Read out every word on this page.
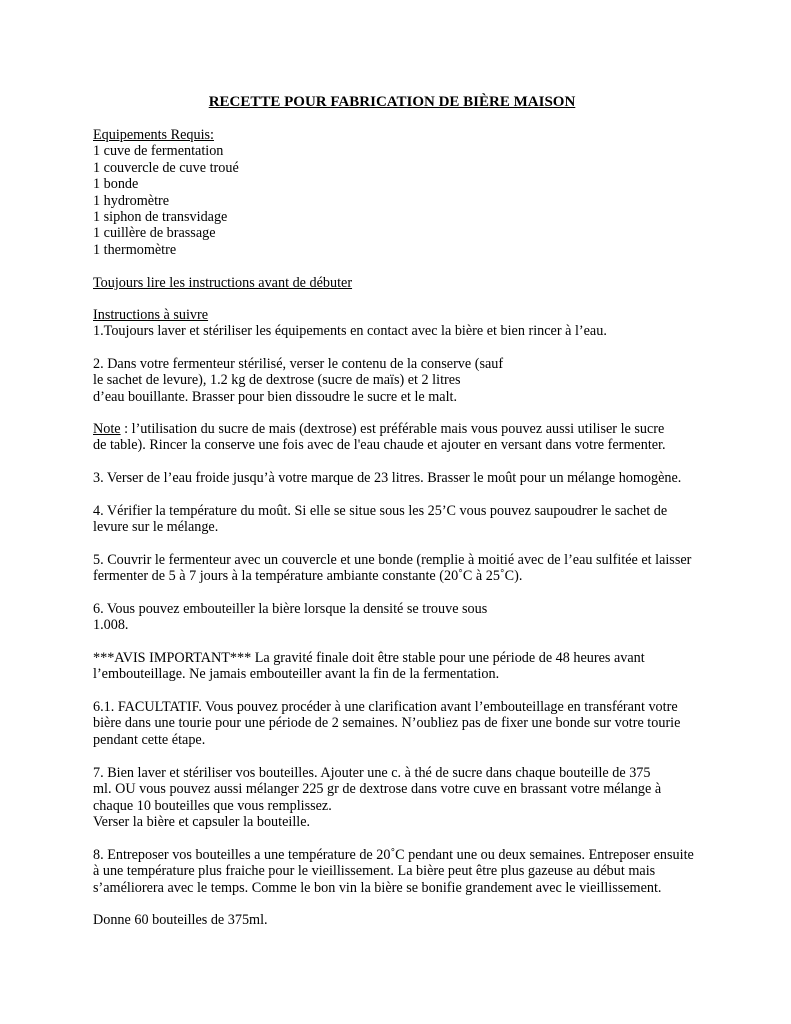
RECETTE POUR FABRICATION DE BIÈRE MAISON
Equipements Requis:
1 cuve de fermentation
1 couvercle de cuve troué
1 bonde
1 hydromètre
1 siphon de transvidage
1 cuillère de brassage
1 thermomètre
Toujours lire les instructions avant de débuter
Instructions à suivre
1.Toujours laver et stériliser les équipements en contact avec la bière et bien rincer à l’eau.
2. Dans votre fermenteur stérilisé, verser le contenu de la conserve (sauf
le sachet de levure), 1.2 kg de dextrose (sucre de maïs) et 2 litres
d’eau bouillante. Brasser pour bien dissoudre le sucre et le malt.
Note : l’utilisation du sucre de mais (dextrose) est préférable mais vous pouvez aussi utiliser le sucre
de table). Rincer la conserve une fois avec de l'eau chaude et ajouter en versant dans votre fermenter.
3. Verser de l’eau froide jusqu’à votre marque de 23 litres. Brasser le moût pour un mélange homogène.
4. Vérifier la température du moût. Si elle se situe sous les 25’C vous pouvez saupoudrer le sachet de
levure sur le mélange.
5. Couvrir le fermenteur avec un couvercle et une bonde (remplie à moitié avec de l’eau sulfitée et laisser
fermenter de 5 à 7 jours à la température ambiante constante (20˚C à 25˚C).
6. Vous pouvez embouteiller la bière lorsque la densité se trouve sous
1.008.
***AVIS IMPORTANT*** La gravité finale doit être stable pour une période de 48 heures avant
l’embouteillage. Ne jamais embouteiller avant la fin de la fermentation.
6.1. FACULTATIF. Vous pouvez procéder à une clarification avant l’embouteillage en transférant votre
bière dans une tourie pour une période de 2 semaines. N’oubliez pas de fixer une bonde sur votre tourie
pendant cette étape.
7. Bien laver et stériliser vos bouteilles. Ajouter une c. à thé de sucre dans chaque bouteille de 375
ml. OU vous pouvez aussi mélanger 225 gr de dextrose dans votre cuve en brassant votre mélange à
chaque 10 bouteilles que vous remplissez.
Verser la bière et capsuler la bouteille.
8. Entreposer vos bouteilles a une température de 20˚C pendant une ou deux semaines. Entreposer ensuite
à une température plus fraiche pour le vieillissement. La bière peut être plus gazeuse au début mais
s’améliorera avec le temps. Comme le bon vin la bière se bonifie grandement avec le vieillissement.
Donne 60 bouteilles de 375ml.
